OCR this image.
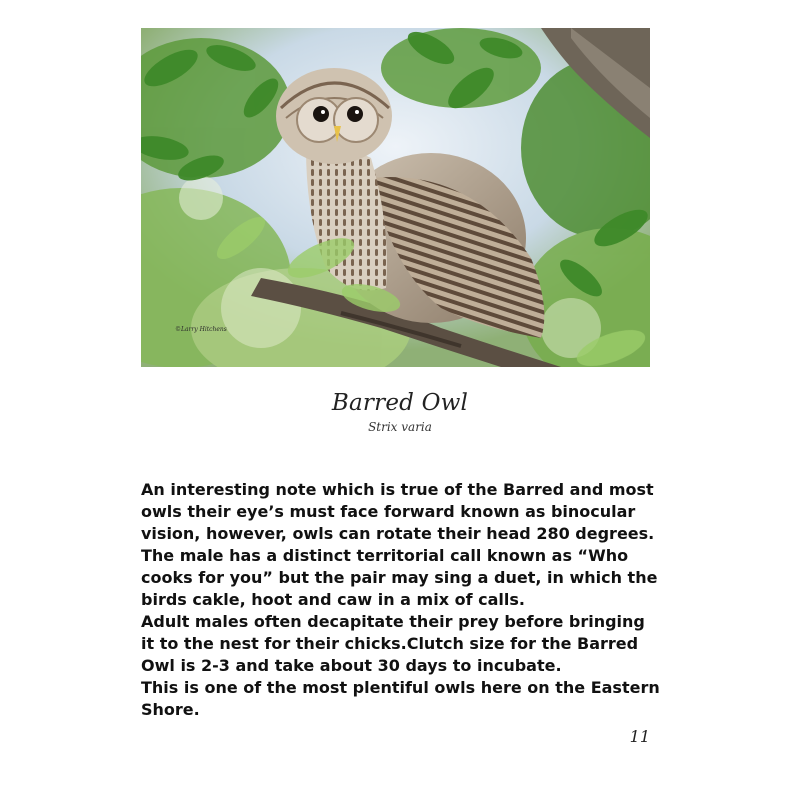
©Larry Hitchens
Barred Owl
Strix varia

An interesting note which is true of the Barred and most owls their eye’s must face forward known as binocular vision, however, owls can rotate their head 280 degrees.

The male has a distinct territorial call known as “Who cooks for you” but the pair may sing a duet, in which the birds cakle, hoot and caw in a mix of calls.

Adult males often decapitate their prey before bringing it to the nest for their chicks.Clutch size for the Barred Owl is 2-3 and take about 30 days to incubate.

This is one of the most plentiful owls here on the Eastern Shore.

11
